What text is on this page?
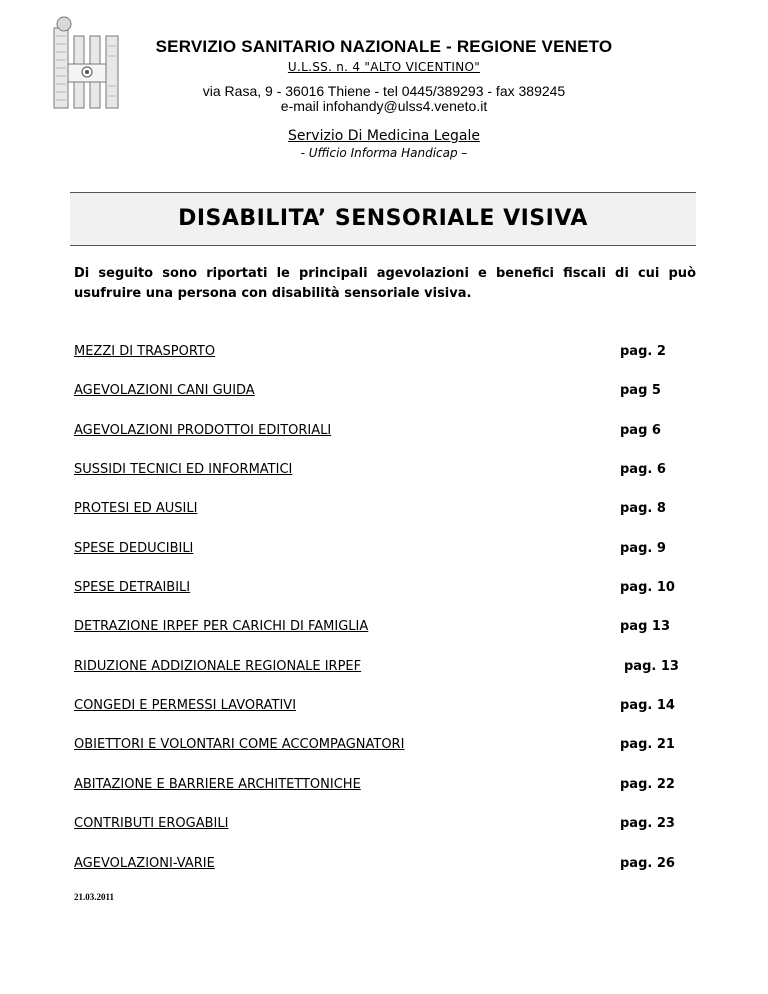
SERVIZIO SANITARIO NAZIONALE - REGIONE VENETO
U.L.SS. n. 4 "ALTO VICENTINO"
via Rasa, 9 - 36016 Thiene - tel 0445/389293 - fax 389245
e-mail infohandy@ulss4.veneto.it
Servizio Di Medicina Legale
- Ufficio Informa Handicap –
DISABILITA’ SENSORIALE VISIVA
Di seguito sono riportati le principali agevolazioni e benefici fiscali di cui può usufruire una persona con disabilità sensoriale visiva.
MEZZI DI TRASPORTO	pag. 2
AGEVOLAZIONI CANI GUIDA	pag 5
AGEVOLAZIONI PRODOTTOI EDITORIALI	pag 6
SUSSIDI TECNICI ED INFORMATICI	pag. 6
PROTESI ED AUSILI	pag. 8
SPESE DEDUCIBILI	pag. 9
SPESE DETRAIBILI	pag. 10
DETRAZIONE IRPEF PER CARICHI DI FAMIGLIA	pag 13
RIDUZIONE ADDIZIONALE REGIONALE IRPEF	pag. 13
CONGEDI E PERMESSI LAVORATIVI	pag. 14
OBIETTORI E VOLONTARI COME ACCOMPAGNATORI	pag. 21
ABITAZIONE E BARRIERE ARCHITETTONICHE	pag. 22
CONTRIBUTI EROGABILI	pag. 23
AGEVOLAZIONI-VARIE	pag. 26
21.03.2011
